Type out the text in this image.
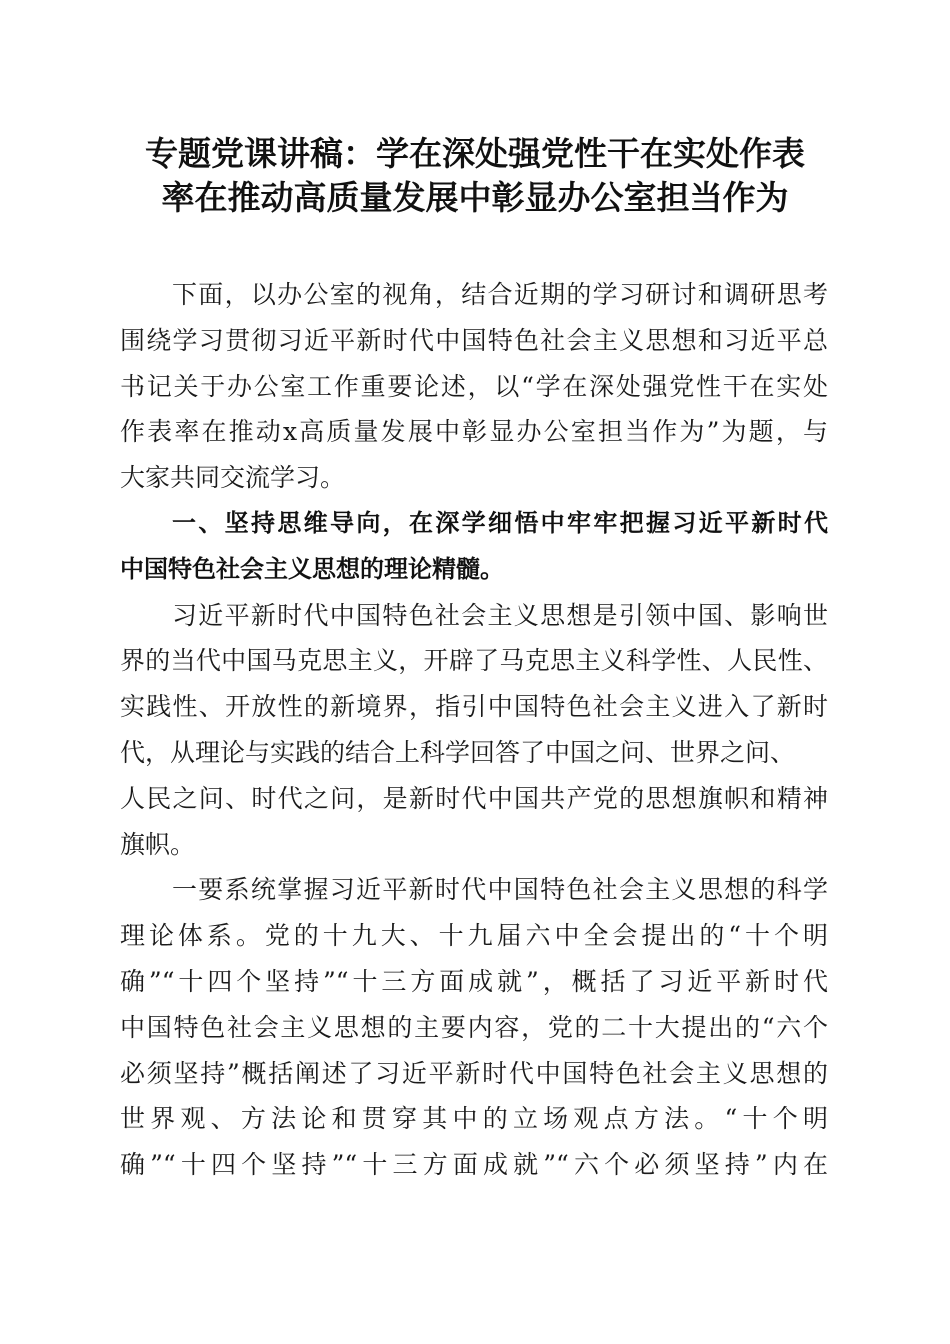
专题党课讲稿：学在深处强党性干在实处作表
率在推动高质量发展中彰显办公室担当作为
下面，以办公室的视角，结合近期的学习研讨和调研思考
围绕学习贯彻习近平新时代中国特色社会主义思想和习近平总
书记关于办公室工作重要论述，以“学在深处强党性干在实处
作表率在推动x高质量发展中彰显办公室担当作为”为题，与
大家共同交流学习。
一、坚持思维导向，在深学细悟中牢牢把握习近平新时代
中国特色社会主义思想的理论精髓。
习近平新时代中国特色社会主义思想是引领中国、影响世
界的当代中国马克思主义，开辟了马克思主义科学性、人民性、
实践性、开放性的新境界，指引中国特色社会主义进入了新时
代，从理论与实践的结合上科学回答了中国之问、世界之问、
人民之问、时代之问，是新时代中国共产党的思想旗帜和精神
旗帜。
一要系统掌握习近平新时代中国特色社会主义思想的科学
理论体系。党的十九大、十九届六中全会提出的“十个明
确”“十四个坚持”“十三方面成就”，概括了习近平新时代
中国特色社会主义思想的主要内容，党的二十大提出的“六个
必须坚持”概括阐述了习近平新时代中国特色社会主义思想的
世界观、方法论和贯穿其中的立场观点方法。“十个明
确”“十四个坚持”“十三方面成就”“六个必须坚持”内在
